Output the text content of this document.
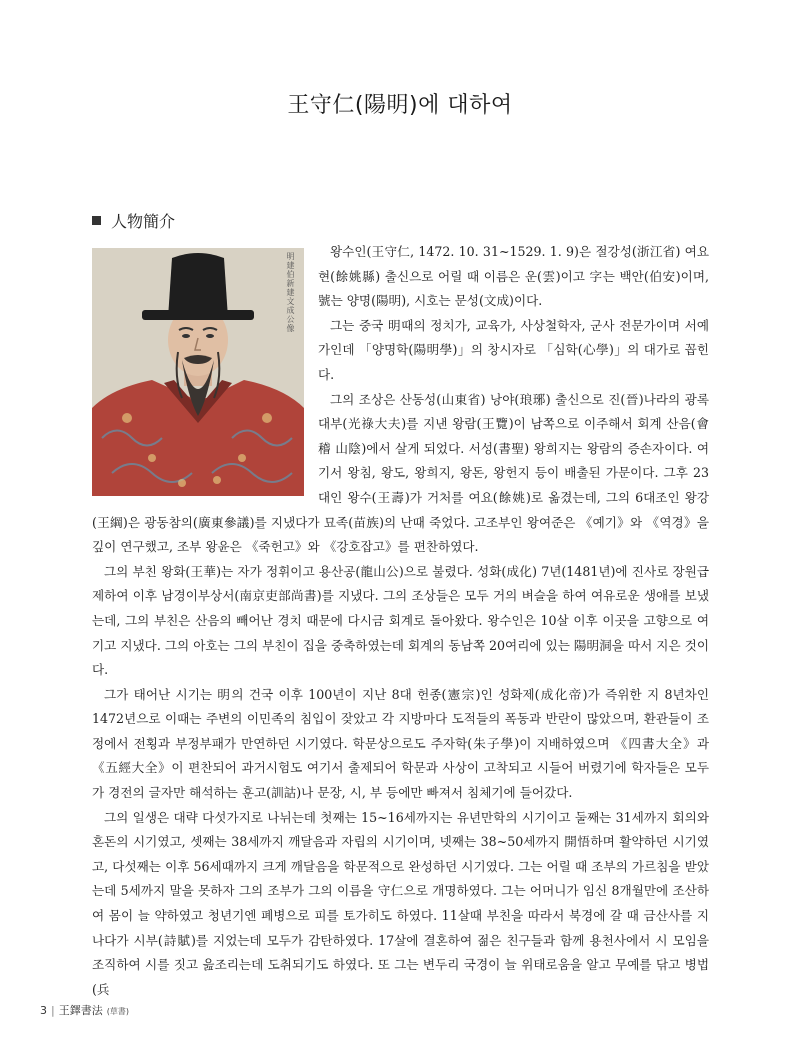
王守仁(陽明)에 대하여
人物簡介
明建伯新建文成公像

왕수인(王守仁, 1472. 10. 31~1529. 1. 9)은 절강성(浙江省) 여요현(餘姚縣) 출신으로 어릴 때 이름은 운(雲)이고 字는 백안(伯安)이며, 號는 양명(陽明), 시호는 문성(文成)이다.

그는 중국 明때의 정치가, 교육가, 사상철학자, 군사 전문가이며 서예가인데 「양명학(陽明學)」의 창시자로 「심학(心學)」의 대가로 꼽힌다.

그의 조상은 산동성(山東省) 낭야(琅琊) 출신으로 진(晉)나라의 광록대부(光祿大夫)를 지낸 왕람(王覽)이 남쪽으로 이주해서 회계 산음(會稽 山陰)에서 살게 되었다. 서성(書聖) 왕희지는 왕람의 증손자이다. 여기서 왕침, 왕도, 왕희지, 왕돈, 왕헌지 등이 배출된 가문이다. 그후 23대인 왕수(王壽)가 거처를 여요(餘姚)로 옮겼는데, 그의 6대조인 왕강(王綱)은 광동참의(廣東參議)를 지냈다가 묘족(苗族)의 난때 죽었다. 고조부인 왕여준은 《예기》와 《역경》을 깊이 연구했고, 조부 왕윤은 《죽헌고》와 《강호잡고》를 편찬하였다.

그의 부친 왕화(王華)는 자가 정휘이고 용산공(龍山公)으로 불렸다. 성화(成化) 7년(1481년)에 진사로 장원급제하여 이후 남경이부상서(南京吏部尚書)를 지냈다. 그의 조상들은 모두 거의 벼슬을 하여 여유로운 생애를 보냈는데, 그의 부친은 산음의 빼어난 경치 때문에 다시금 회계로 돌아왔다. 왕수인은 10살 이후 이곳을 고향으로 여기고 지냈다. 그의 아호는 그의 부친이 집을 중축하였는데 회계의 동남쪽 20여리에 있는 陽明洞을 따서 지은 것이다.

그가 태어난 시기는 明의 건국 이후 100년이 지난 8대 헌종(憲宗)인 성화제(成化帝)가 즉위한 지 8년차인 1472년으로 이때는 주변의 이민족의 침입이 잦았고 각 지방마다 도적들의 폭동과 반란이 많았으며, 환관들이 조정에서 전횡과 부정부패가 만연하던 시기였다. 학문상으로도 주자학(朱子學)이 지배하였으며 《四書大全》과 《五經大全》이 편찬되어 과거시험도 여기서 출제되어 학문과 사상이 고착되고 시들어 버렸기에 학자들은 모두가 경전의 글자만 해석하는 훈고(訓詁)나 문장, 시, 부 등에만 빠져서 침체기에 들어갔다.

그의 일생은 대략 다섯가지로 나뉘는데 첫째는 15~16세까지는 유년만학의 시기이고 둘째는 31세까지 회의와 혼돈의 시기였고, 셋째는 38세까지 깨달음과 자립의 시기이며, 넷째는 38~50세까지 開悟하며 활약하던 시기였고, 다섯째는 이후 56세때까지 크게 깨달음을 학문적으로 완성하던 시기였다. 그는 어릴 때 조부의 가르침을 받았는데 5세까지 말을 못하자 그의 조부가 그의 이름을 守仁으로 개명하였다. 그는 어머니가 임신 8개월만에 조산하여 몸이 늘 약하였고 청년기엔 폐병으로 피를 토가히도 하였다. 11살때 부친을 따라서 북경에 갈 때 금산사를 지나다가 시부(詩賦)를 지었는데 모두가 감탄하였다. 17살에 결혼하여 젊은 친구들과 함께 용천사에서 시 모임을 조직하여 시를 짓고 읊조리는데 도취되기도 하였다. 또 그는 변두리 국경이 늘 위태로움을 알고 무예를 닦고 병법(兵

3 | 王鐸書法 (草書)
